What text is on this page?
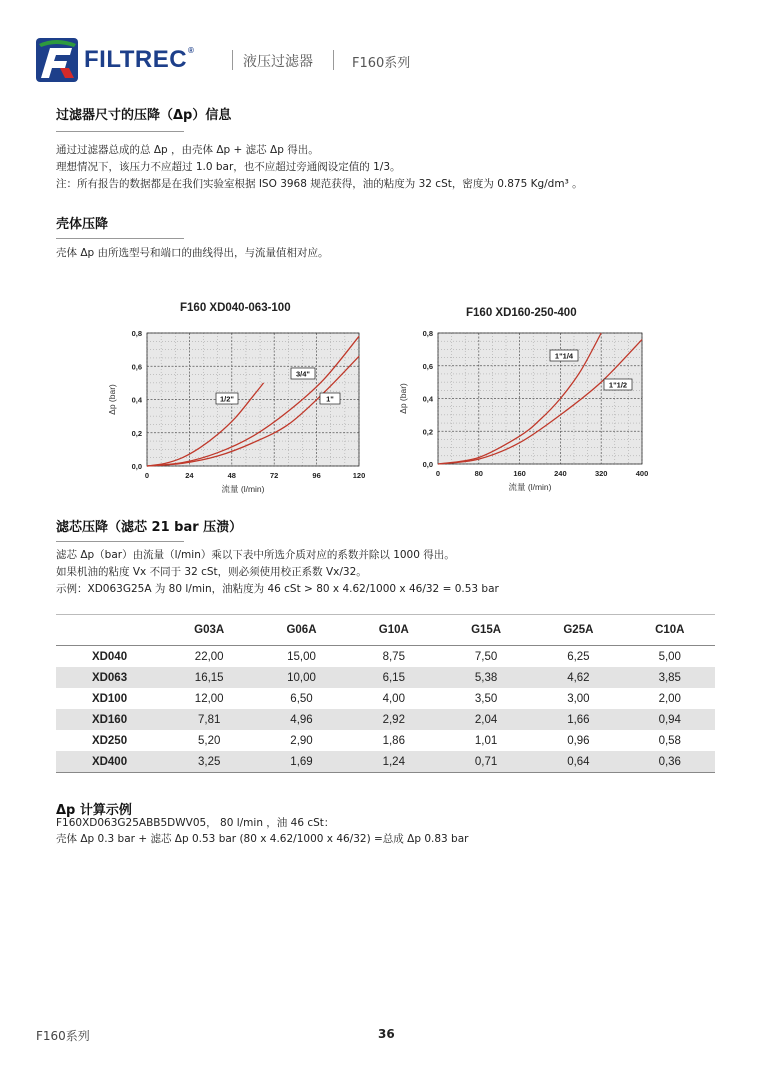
FILTREC®
液压过滤器	F160系列
过滤器尺寸的压降（Δp）信息
通过过滤器总成的总 Δp ，由壳体 Δp + 滤芯 Δp 得出。
理想情况下，该压力不应超过 1.0 bar，也不应超过旁通阀设定值的 1/3。
注：所有报告的数据都是在我们实验室根据 ISO 3968 规范获得，油的粘度为 32 cSt，密度为 0.875 Kg/dm³ 。
壳体压降
壳体 Δp 由所选型号和端口的曲线得出，与流量值相对应。
F160 XD040-063-100	F160 XD160-250-400
0	24	48	72	96	120
0,0
0,2
0,4
0,6
0,8
1/2"
3/4"
1"
流量 (l/min)
Δp (bar)
0	80	160	240	320	400
0,0
0,2
0,4
0,6
0,8
1"1/4
1"1/2
流量 (l/min)
Δp (bar)
滤芯压降（滤芯 21 bar 压溃）
滤芯 Δp（bar）由流量（l/min）乘以下表中所选介质对应的系数并除以 1000 得出。
如果机油的粘度 Vx 不同于 32 cSt，则必须使用校正系数 Vx/32。
示例：XD063G25A 为 80 l/min，油粘度为 46 cSt > 80 x 4.62/1000 x 46/32 = 0.53 bar
	G03A	G06A	G10A	G15A	G25A	C10A
XD040	22,00	15,00	8,75	7,50	6,25	5,00
XD063	16,15	10,00	6,15	5,38	4,62	3,85
XD100	12,00	6,50	4,00	3,50	3,00	2,00
XD160	7,81	4,96	2,92	2,04	1,66	0,94
XD250	5,20	2,90	1,86	1,01	0,96	0,58
XD400	3,25	1,69	1,24	0,71	0,64	0,36
Δp 计算示例
F160XD063G25ABB5DWV05， 80 l/min ，油 46 cSt：
壳体 Δp 0.3 bar + 滤芯 Δp 0.53 bar (80 x 4.62/1000 x 46/32) =总成 Δp 0.83 bar
F160系列	36
